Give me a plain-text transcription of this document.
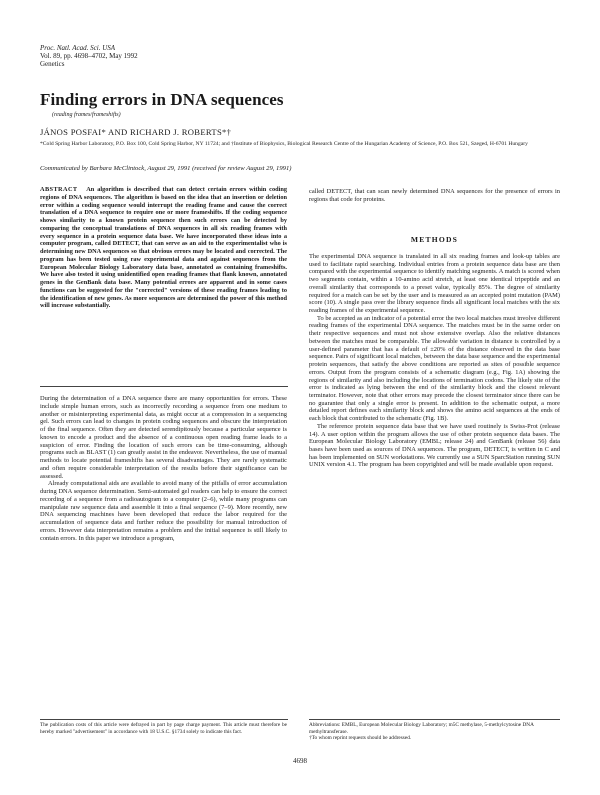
Proc. Natl. Acad. Sci. USA
Vol. 89, pp. 4698–4702, May 1992
Genetics
Finding errors in DNA sequences
(reading frames/frameshifts)
JÁNOS POSFAI* AND RICHARD J. ROBERTS*†
*Cold Spring Harbor Laboratory, P.O. Box 100, Cold Spring Harbor, NY 11724; and †Institute of Biophysics, Biological Research Centre of the Hungarian Academy of Science, P.O. Box 521, Szeged, H-6701 Hungary
Communicated by Barbara McClintock, August 29, 1991 (received for review August 29, 1991)
ABSTRACT An algorithm is described that can detect certain errors within coding regions of DNA sequences. The algorithm is based on the idea that an insertion or deletion error within a coding sequence would interrupt the reading frame and cause the correct translation of a DNA sequence to require one or more frameshifts. If the coding sequence shows similarity to a known protein sequence then such errors can be detected by comparing the conceptual translations of DNA sequences in all six reading frames with every sequence in a protein sequence data base. We have incorporated these ideas into a computer program, called DETECT, that can serve as an aid to the experimentalist who is determining new DNA sequences so that obvious errors may be located and corrected. The program has been tested using raw experimental data and against sequences from the European Molecular Biology Laboratory data base, annotated as containing frameshifts. We have also tested it using unidentified open reading frames that flank known, annotated genes in the GenBank data base. Many potential errors are apparent and in some cases functions can be suggested for the "corrected" versions of these reading frames leading to the identification of new genes. As more sequences are determined the power of this method will increase substantially.

During the determination of a DNA sequence there are many opportunities for errors. These include simple human errors, such as incorrectly recording a sequence from one medium to another or misinterpreting experimental data, as might occur at a compression in a sequencing gel. Such errors can lead to changes in protein coding sequences and obscure the interpretation of the final sequence. Often they are detected serendipitously because a particular sequence is known to encode a product and the absence of a continuous open reading frame leads to a suspicion of error. Finding the location of such errors can be time-consuming, although programs such as BLAST (1) can greatly assist in the endeavor. Nevertheless, the use of manual methods to locate potential frameshifts has several disadvantages. They are rarely systematic and often require considerable interpretation of the results before their significance can be assessed.

Already computational aids are available to avoid many of the pitfalls of error accumulation during DNA sequence determination. Semi-automated gel readers can help to ensure the correct recording of a sequence from a radioautogram to a computer (2–6), while many programs can manipulate raw sequence data and assemble it into a final sequence (7–9). More recently, new DNA sequencing machines have been developed that reduce the labor required for the accumulation of sequence data and further reduce the possibility for manual introduction of errors. However data interpretation remains a problem and the initial sequence is still likely to contain errors. In this paper we introduce a program,

The publication costs of this article were defrayed in part by page charge payment. This article must therefore be hereby marked "advertisement" in accordance with 18 U.S.C. §1734 solely to indicate this fact.
called DETECT, that can scan newly determined DNA sequences for the presence of errors in regions that code for proteins.
METHODS

The experimental DNA sequence is translated in all six reading frames and look-up tables are used to facilitate rapid searching. Individual entries from a protein sequence data base are then compared with the experimental sequence to identify matching segments. A match is scored when two segments contain, within a 10-amino acid stretch, at least one identical tripeptide and an overall similarity that corresponds to a preset value, typically 85%. The degree of similarity required for a match can be set by the user and is measured as an accepted point mutation (PAM) score (10). A single pass over the library sequence finds all significant local matches with the six reading frames of the experimental sequence.

To be accepted as an indicator of a potential error the two local matches must involve different reading frames of the experimental DNA sequence. The matches must be in the same order on their respective sequences and must not show extensive overlap. Also the relative distances between the matches must be comparable. The allowable variation in distance is controlled by a user-defined parameter that has a default of ±20% of the distance observed in the data base sequence. Pairs of significant local matches, between the data base sequence and the experimental protein sequences, that satisfy the above conditions are reported as sites of possible sequence errors. Output from the program consists of a schematic diagram (e.g., Fig. 1A) showing the regions of similarity and also including the locations of termination codons. The likely site of the error is indicated as lying between the end of the similarity block and the closest relevant terminator. However, note that other errors may precede the closest terminator since there can be no guarantee that only a single error is present. In addition to the schematic output, a more detailed report defines each similarity block and shows the amino acid sequences at the ends of each block that contributed to the schematic (Fig. 1B).

The reference protein sequence data base that we have used routinely is Swiss-Prot (release 14). A user option within the program allows the use of other protein sequence data bases. The European Molecular Biology Laboratory (EMBL; release 24) and GenBank (release 56) data bases have been used as sources of DNA sequences. The program, DETECT, is written in C and has been implemented on SUN workstations. We currently use a SUN SparcStation running SUN UNIX version 4.1. The program has been copyrighted and will be made available upon request.

Abbreviations: EMBL, European Molecular Biology Laboratory; m5C methylase, 5-methylcytosine DNA methyltransferase.
†To whom reprint requests should be addressed.
4698
